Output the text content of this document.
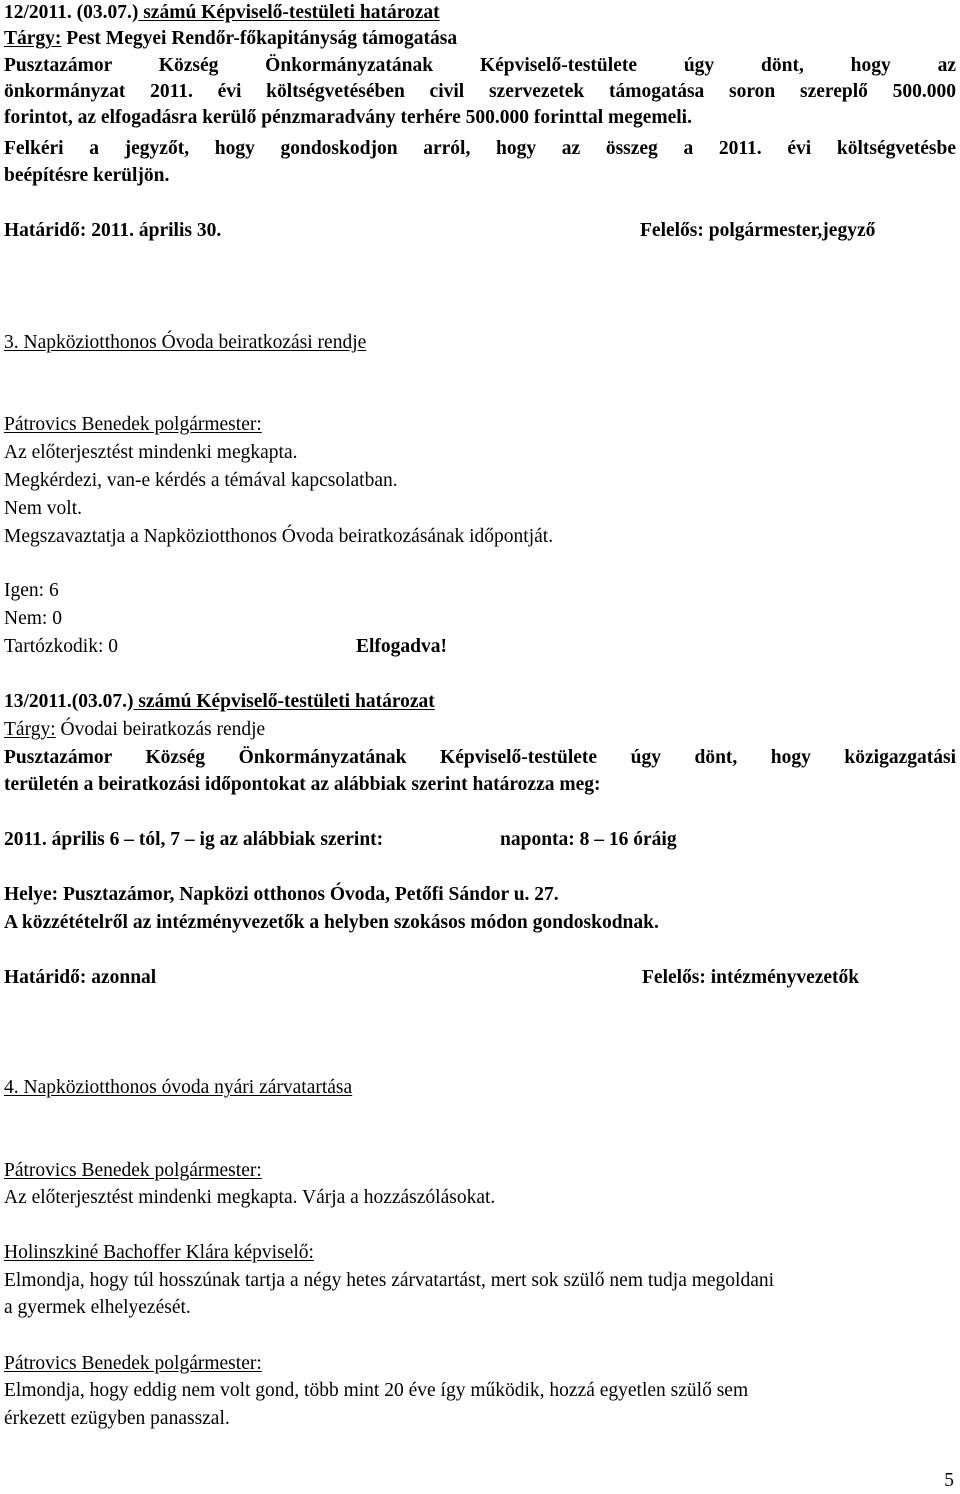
12/2011. (03.07.) számú Képviselő-testületi határozat
Tárgy: Pest Megyei Rendőr-főkapitányság támogatása
Pusztazámor Község Önkormányzatának Képviselő-testülete úgy dönt, hogy az
önkormányzat 2011. évi költségvetésében civil szervezetek támogatása soron szereplő 500.000
forintot, az elfogadásra kerülő pénzmaradvány terhére 500.000 forinttal megemeli.
Felkéri a jegyzőt, hogy gondoskodjon arról, hogy az összeg a 2011. évi költségvetésbe
beépítésre kerüljön.
Határidő: 2011. április 30.	Felelős: polgármester,jegyző
3. Napköziotthonos Óvoda beiratkozási rendje
Pátrovics Benedek polgármester:
Az előterjesztést mindenki megkapta.
Megkérdezi, van-e kérdés a témával kapcsolatban.
Nem volt.
Megszavaztatja a Napköziotthonos Óvoda beiratkozásának időpontját.
Igen: 6
Nem: 0
Tartózkodik: 0	Elfogadva!
13/2011.(03.07.) számú Képviselő-testületi határozat
Tárgy: Óvodai beiratkozás rendje
Pusztazámor Község Önkormányzatának Képviselő-testülete úgy dönt, hogy közigazgatási
területén a beiratkozási időpontokat az alábbiak szerint határozza meg:
2011. április 6 – tól, 7 – ig az alábbiak szerint:	naponta: 8 – 16 óráig
Helye: Pusztazámor, Napközi otthonos Óvoda, Petőfi Sándor u. 27.
A közzétételről az intézményvezetők a helyben szokásos módon gondoskodnak.
Határidő: azonnal	Felelős: intézményvezetők
4. Napköziotthonos óvoda nyári zárvatartása
Pátrovics Benedek polgármester:
Az előterjesztést mindenki megkapta. Várja a hozzászólásokat.
Holinszkiné Bachoffer Klára képviselő:
Elmondja, hogy túl hosszúnak tartja a négy hetes zárvatartást, mert sok szülő nem tudja megoldani
a gyermek elhelyezését.
Pátrovics Benedek polgármester:
Elmondja, hogy eddig nem volt gond, több mint 20 éve így működik, hozzá egyetlen szülő sem
érkezett ezügyben panasszal.
5
